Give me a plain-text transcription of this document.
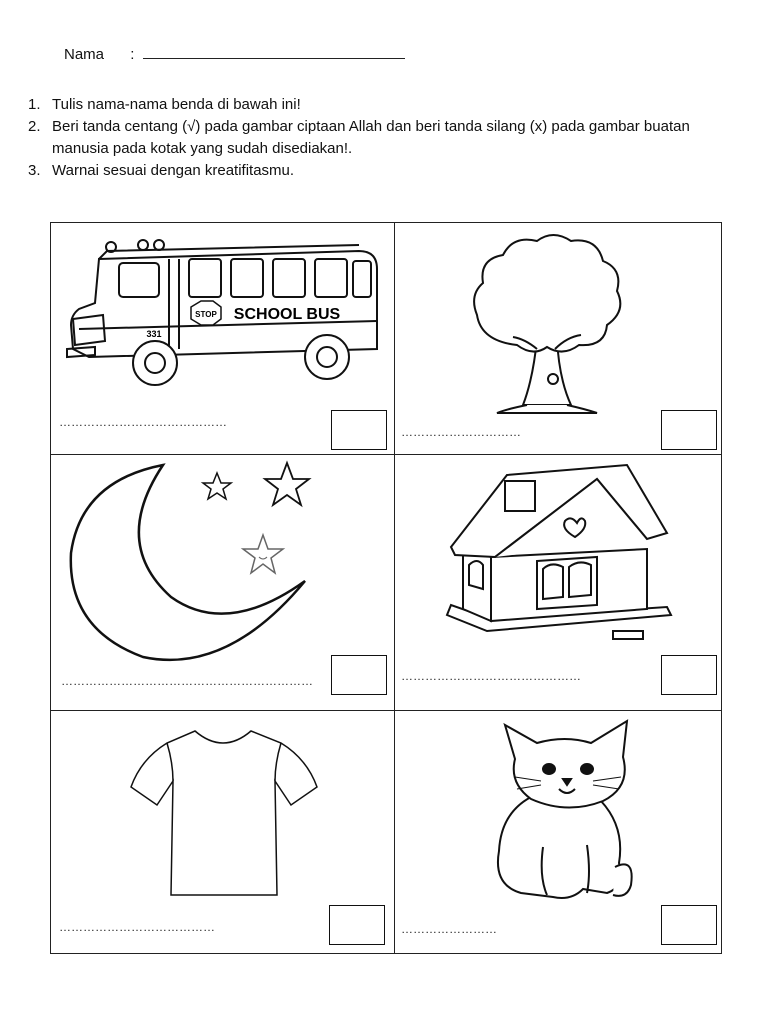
Nama :
1. Tulis nama-nama benda di bawah ini!
2. Beri tanda centang (√) pada gambar ciptaan Allah dan beri tanda silang (x) pada gambar buatan manusia pada kotak yang sudah disediakan!.
3. Warnai sesuai dengan kreatifitasmu.
STOP SCHOOL BUS
331
……………………………………
…………………………
………………………………………………………	………………………………………
…………………………………	……………………
